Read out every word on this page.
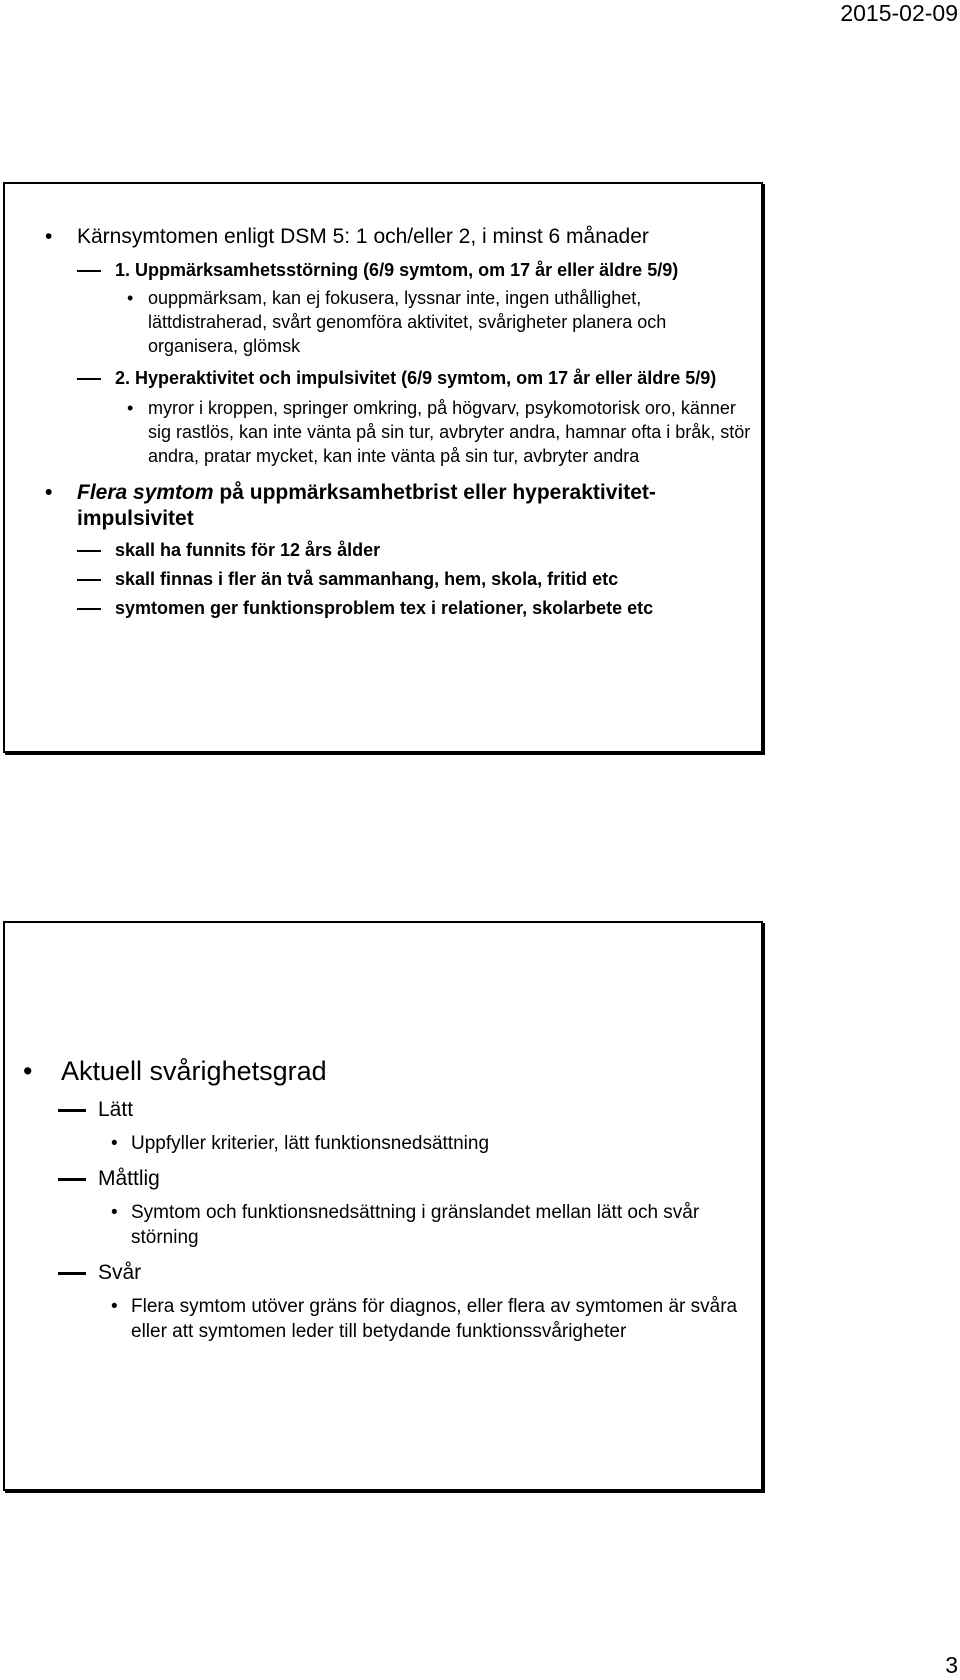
2015-02-09
• Kärnsymtomen enligt DSM 5: 1 och/eller 2, i minst 6 månader
1. Uppmärksamhetsstörning (6/9 symtom, om 17 år eller äldre 5/9)
• ouppmärksam, kan ej fokusera, lyssnar inte, ingen uthållighet, lättdistraherad, svårt genomföra aktivitet, svårigheter planera och organisera, glömsk
2. Hyperaktivitet och impulsivitet (6/9 symtom, om 17 år eller äldre 5/9)
• myror i kroppen, springer omkring, på högvarv, psykomotorisk oro, känner sig rastlös, kan inte vänta på sin tur, avbryter andra, hamnar ofta i bråk, stör andra, pratar mycket, kan inte vänta på sin tur, avbryter andra
• Flera symtom på uppmärksamhetbrist eller hyperaktivitet-impulsivitet
skall ha funnits för 12 års ålder
skall finnas i fler än två sammanhang, hem, skola, fritid etc
symtomen ger funktionsproblem tex i relationer, skolarbete etc
• Aktuell svårighetsgrad
Lätt
• Uppfyller kriterier, lätt funktionsnedsättning
Måttlig
• Symtom och funktionsnedsättning i gränslandet mellan lätt och svår störning
Svår
• Flera symtom utöver gräns för diagnos, eller flera av symtomen är svåra eller att symtomen leder till betydande funktionssvårigheter
3
